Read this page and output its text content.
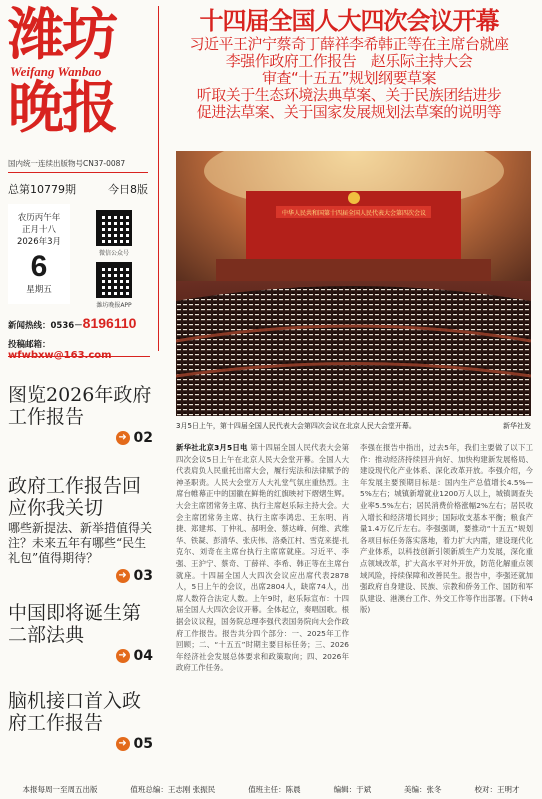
潍坊
Weifang Wanbao
晚报
国内统一连续出版物号CN37-0087
总第10779期	今日8版
农历丙午年
正月十八
2026年3月
6
星期五
微信公众号
潍坊晚报APP
新闻热线：0536－8196110
投稿邮箱：
图览2026年政府工作报告
➜ 02
政府工作报告回应你我关切
哪些新提法、新举措值得关注？未来五年有哪些“民生礼包”值得期待？
➜ 03
中国即将诞生第二部法典
➜ 04
脑机接口首入政府工作报告
➜ 05
十四届全国人大四次会议开幕
习近平王沪宁蔡奇丁薛祥李希韩正等在主席台就座
李强作政府工作报告　赵乐际主持大会
审查“十五五”规划纲要草案
听取关于生态环境法典草案、关于民族团结进步
促进法草案、关于国家发展规划法草案的说明等
中华人民共和国第十四届全国人民代表大会第四次会议
3月5日上午，第十四届全国人民代表大会第四次会议在北京人民大会堂开幕。	新华社发
新华社北京3月5日电 第十四届全国人民代表大会第四次会议5日上午在北京人民大会堂开幕。全国人大代表肩负人民重托出席大会，履行宪法和法律赋予的神圣职责。人民大会堂万人大礼堂气氛庄重热烈。主席台帷幕正中的国徽在鲜艳的红旗映衬下熠熠生辉。大会主席团常务主席、执行主席赵乐际主持大会。大会主席团常务主席、执行主席李鸿忠、王东明、肖捷、郑建邦、丁仲礼、郝明金、蔡达峰、何维、武维华、铁凝、彭清华、张庆伟、洛桑江村、雪克来提·扎克尔、刘奇在主席台执行主席席就座。习近平、李强、王沪宁、蔡奇、丁薛祥、李希、韩正等在主席台就座。十四届全国人大四次会议应出席代表2878人，5日上午的会议，出席2804人，缺席74人，出席人数符合法定人数。上午9时，赵乐际宣布：十四届全国人大四次会议开幕。全体起立，奏唱国歌。根据会议议程，国务院总理李强代表国务院向大会作政府工作报告。报告共分四个部分：一、2025年工作回顾；二、“十五五”时期主要目标任务；三、2026年经济社会发展总体要求和政策取向；四、2026年政府工作任务。
李强在报告中指出，过去5年，我们主要做了以下工作：推动经济持续回升向好、加快构建新发展格局、建设现代化产业体系、深化改革开放。李强介绍，今年发展主要预期目标是：国内生产总值增长4.5%—5%左右；城镇新增就业1200万人以上，城镇调查失业率5.5%左右；居民消费价格涨幅2%左右；居民收入增长和经济增长同步；国际收支基本平衡；粮食产量1.4万亿斤左右。李强强调，要推动“十五五”规划各项目标任务落实落地，着力扩大内需，建设现代化产业体系，以科技创新引领新质生产力发展，深化重点领域改革，扩大高水平对外开放，防范化解重点领域风险，持续保障和改善民生。报告中，李强还就加强政府自身建设、民族、宗教和侨务工作、国防和军队建设、港澳台工作、外交工作等作出部署。(下转4版)
本报每周一至周五出版	值班总编：王志刚 张振民	值班主任：陈晨	编辑：于斌	美编：张冬	校对：王明才
